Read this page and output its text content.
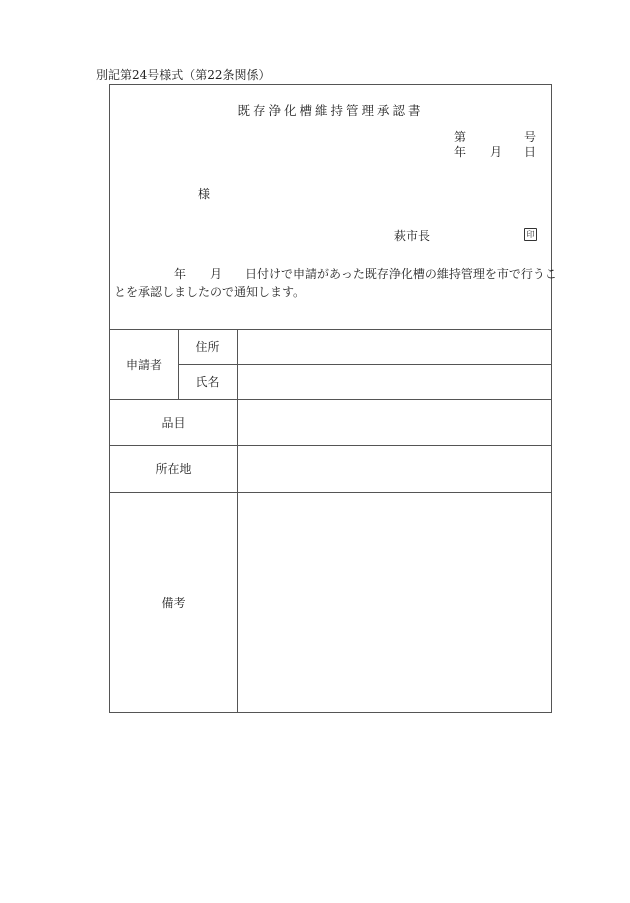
別記第24号様式（第22条関係）
既存浄化槽維持管理承認書
第	号
年 月 日
様
萩市長	印
年 月 日付けで申請があった既存浄化槽の維持管理を市で行うこ
とを承認しましたので通知します。
申請者
住所
氏名
品目
所在地
備考
